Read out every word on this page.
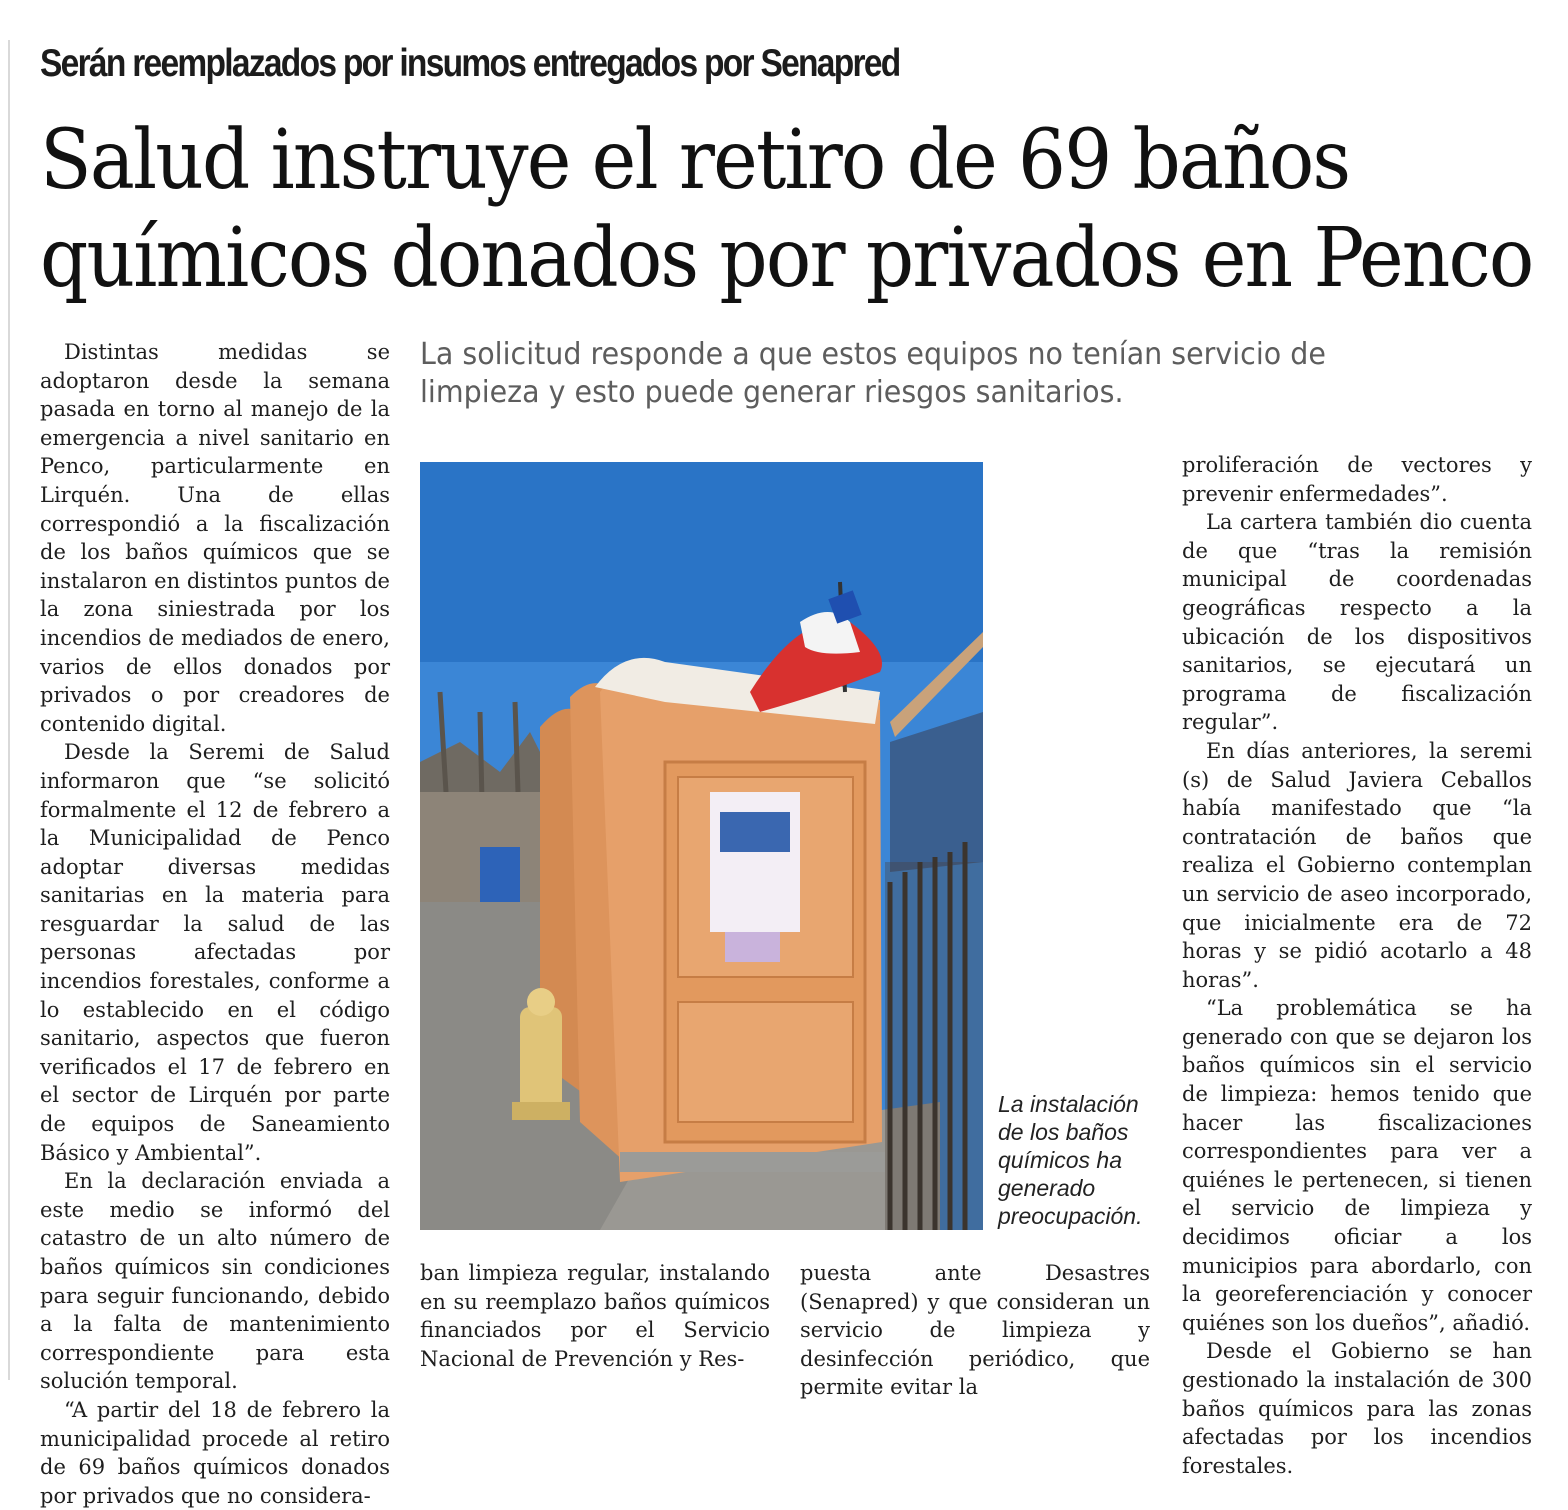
Serán reemplazados por insumos entregados por Senapred
Salud instruye el retiro de 69 baños
químicos donados por privados en Penco
La solicitud responde a que estos equipos no tenían servicio de
limpieza y esto puede generar riesgos sanitarios.

Distintas medidas se adoptaron desde la semana pasada en torno al manejo de la emergencia a nivel sanitario en Penco, particularmente en Lirquén. Una de ellas correspondió a la fiscalización de los baños químicos que se instalaron en distintos puntos de la zona siniestrada por los incendios de mediados de enero, varios de ellos donados por privados o por creadores de contenido digital.

Desde la Seremi de Salud informaron que “se solicitó formalmente el 12 de febrero a la Municipalidad de Penco adoptar diversas medidas sanitarias en la materia para resguardar la salud de las personas afectadas por incendios forestales, conforme a lo establecido en el código sanitario, aspectos que fueron verificados el 17 de febrero en el sector de Lirquén por parte de equipos de Saneamiento Básico y Ambiental”.

En la declaración enviada a este medio se informó del catastro de un alto número de baños químicos sin condiciones para seguir funcionando, debido a la falta de mantenimiento correspondiente para esta solución temporal.

“A partir del 18 de febrero la municipalidad procede al retiro de 69 baños químicos donados por privados que no considera-

La instalación
de los baños
químicos ha
generado
preocupación.

ban limpieza regular, instalando en su reemplazo baños químicos financiados por el Servicio Nacional de Prevención y Res-

puesta ante Desastres (Senapred) y que consideran un servicio de limpieza y desinfección periódico, que permite evitar la

proliferación de vectores y prevenir enfermedades”.

La cartera también dio cuenta de que “tras la remisión municipal de coordenadas geográficas respecto a la ubicación de los dispositivos sanitarios, se ejecutará un programa de fiscalización regular”.

En días anteriores, la seremi (s) de Salud Javiera Ceballos había manifestado que “la contratación de baños que realiza el Gobierno contemplan un servicio de aseo incorporado, que inicialmente era de 72 horas y se pidió acotarlo a 48 horas”.

“La problemática se ha generado con que se dejaron los baños químicos sin el servicio de limpieza: hemos tenido que hacer las fiscalizaciones correspondientes para ver a quiénes le pertenecen, si tienen el servicio de limpieza y decidimos oficiar a los municipios para abordarlo, con la georeferenciación y conocer quiénes son los dueños”, añadió.

Desde el Gobierno se han gestionado la instalación de 300 baños químicos para las zonas afectadas por los incendios forestales.
